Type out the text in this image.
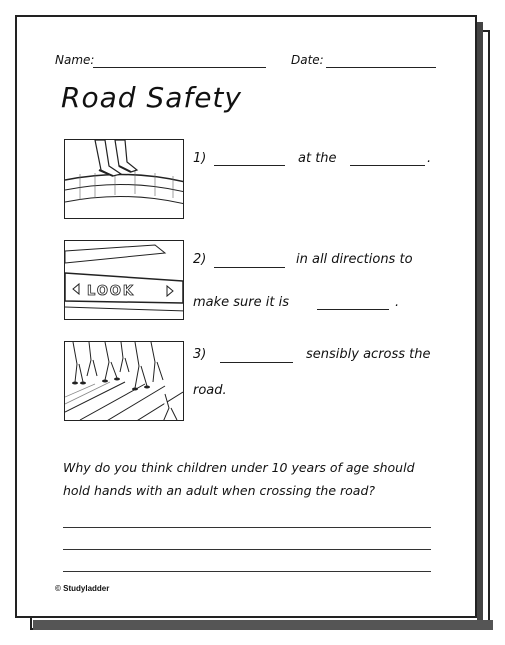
Name:	Date:
Road Safety
1)	at the	.
LOOK
2)	in all directions to
make sure it is	.
3)	sensibly across the
road.
Why do you think children under 10 years of age should
hold hands with an adult when crossing the road?
© Studyladder
